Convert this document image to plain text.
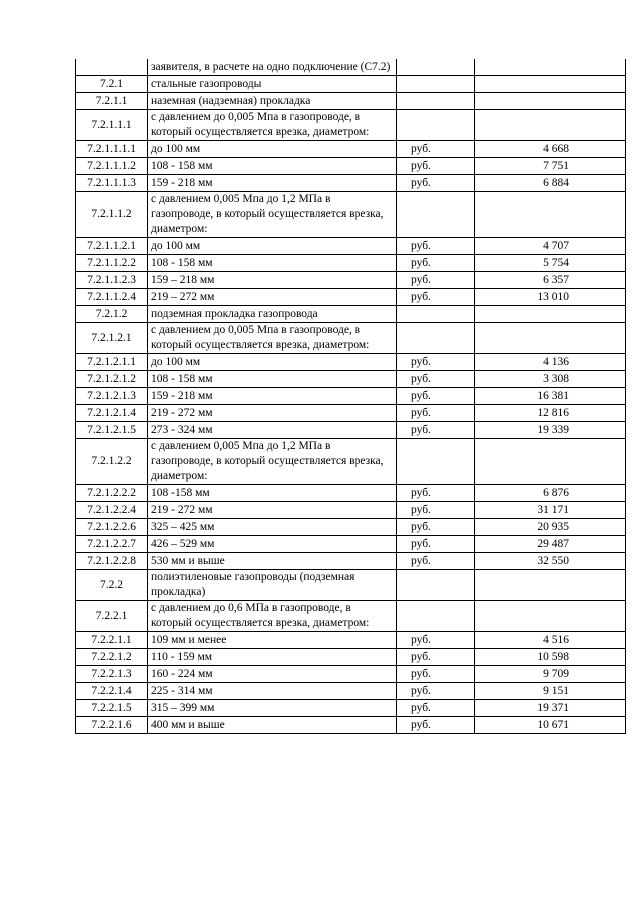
	заявителя, в расчете на одно подключение (С7.2)		
7.2.1	стальные газопроводы		
7.2.1.1	наземная (надземная) прокладка		
7.2.1.1.1	с давлением до 0,005 Мпа в газопроводе, в который осуществляется врезка, диаметром:		
7.2.1.1.1.1	до 100 мм	руб.	4 668
7.2.1.1.1.2	108 - 158 мм	руб.	7 751
7.2.1.1.1.3	159 - 218 мм	руб.	6 884
7.2.1.1.2	с давлением 0,005 Мпа до 1,2 МПа в газопроводе, в который осуществляется врезка, диаметром:		
7.2.1.1.2.1	до 100 мм	руб.	4 707
7.2.1.1.2.2	108 - 158 мм	руб.	5 754
7.2.1.1.2.3	159 – 218 мм	руб.	6 357
7.2.1.1.2.4	219 – 272 мм	руб.	13 010
7.2.1.2	подземная прокладка газопровода		
7.2.1.2.1	с давлением до 0,005 Мпа в газопроводе, в который осуществляется врезка, диаметром:		
7.2.1.2.1.1	до 100 мм	руб.	4 136
7.2.1.2.1.2	108 - 158 мм	руб.	3 308
7.2.1.2.1.3	159 - 218 мм	руб.	16 381
7.2.1.2.1.4	219 - 272 мм	руб.	12 816
7.2.1.2.1.5	273 - 324 мм	руб.	19 339
7.2.1.2.2	с давлением 0,005 Мпа до 1,2 МПа в газопроводе, в который осуществляется врезка, диаметром:		
7.2.1.2.2.2	108 -158 мм	руб.	6 876
7.2.1.2.2.4	219 - 272 мм	руб.	31 171
7.2.1.2.2.6	325 – 425 мм	руб.	20 935
7.2.1.2.2.7	426 – 529 мм	руб.	29 487
7.2.1.2.2.8	530 мм и выше	руб.	32 550
7.2.2	полиэтиленовые газопроводы (подземная прокладка)		
7.2.2.1	с давлением до 0,6 МПа в газопроводе, в который осуществляется врезка, диаметром:		
7.2.2.1.1	109 мм и менее	руб.	4 516
7.2.2.1.2	110 - 159 мм	руб.	10 598
7.2.2.1.3	160 - 224 мм	руб.	9 709
7.2.2.1.4	225 - 314 мм	руб.	9 151
7.2.2.1.5	315 – 399 мм	руб.	19 371
7.2.2.1.6	400 мм и выше	руб.	10 671
